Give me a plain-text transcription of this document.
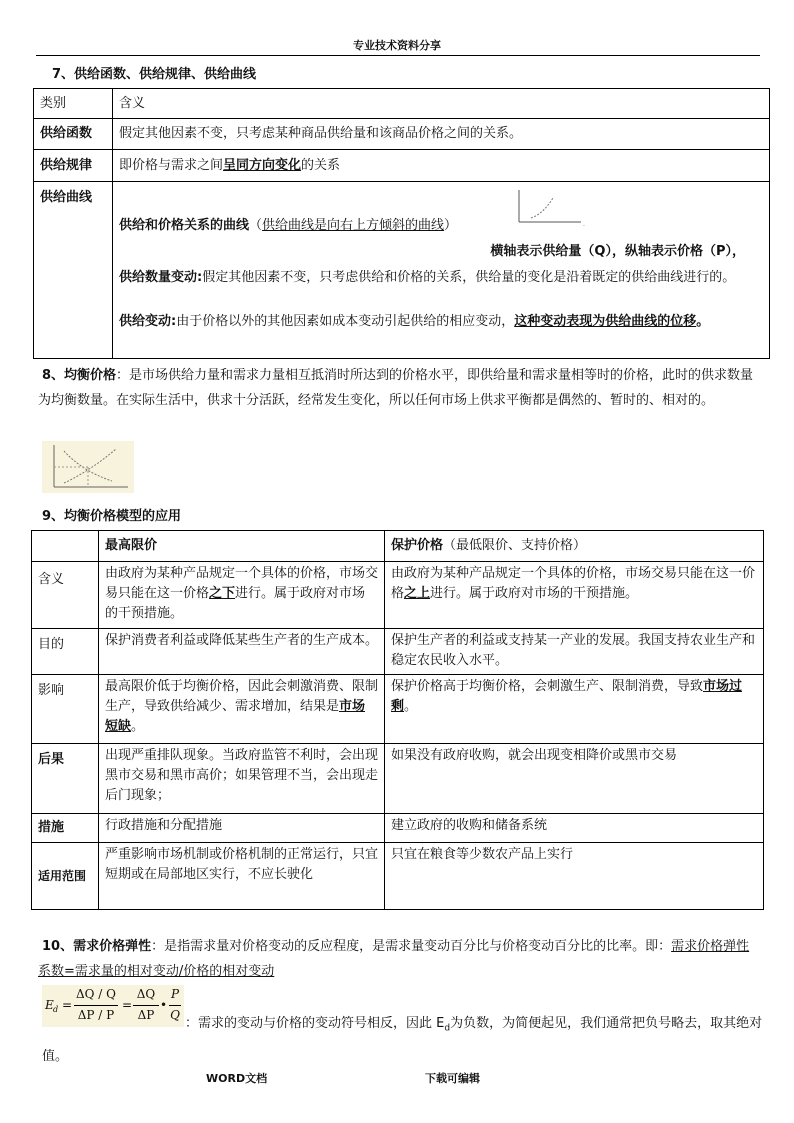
专业技术资料分享
7、供给函数、供给规律、供给曲线
类别	含义
供给函数	假定其他因素不变，只考虑某种商品供给量和该商品价格之间的关系。
供给规律	即价格与需求之间呈同方向变化的关系
供给曲线	.
供给和价格关系的曲线（供给曲线是向右上方倾斜的曲线）
横轴表示供给量（Q），纵轴表示价格（P），
供给数量变动:假定其他因素不变，只考虑供给和价格的关系，供给量的变化是沿着既定的供给曲线进行的。
供给变动:由于价格以外的其他因素如成本变动引起供给的相应变动，这种变动表现为供给曲线的位移。
8、均衡价格：是市场供给力量和需求力量相互抵消时所达到的价格水平，即供给量和需求量相等时的价格，此时的供求数量为均衡数量。在实际生活中，供求十分活跃，经常发生变化，所以任何市场上供求平衡都是偶然的、暂时的、相对的。
9、均衡价格模型的应用
	最高限价	保护价格（最低限价、支持价格）
含义	由政府为某种产品规定一个具体的价格，市场交易只能在这一价格之下进行。属于政府对市场的干预措施。	由政府为某种产品规定一个具体的价格，市场交易只能在这一价格之上进行。属于政府对市场的干预措施。
目的	保护消费者利益或降低某些生产者的生产成本。	保护生产者的利益或支持某一产业的发展。我国支持农业生产和稳定农民收入水平。
影响	最高限价低于均衡价格，因此会刺激消费、限制生产，导致供给减少、需求增加，结果是市场短缺。	保护价格高于均衡价格，会刺激生产、限制消费，导致市场过剩。
后果	出现严重排队现象。当政府监管不利时，会出现黑市交易和黑市高价；如果管理不当，会出现走后门现象；	如果没有政府收购，就会出现变相降价或黑市交易
措施	行政措施和分配措施	建立政府的收购和储备系统
适用范围	严重影响市场机制或价格机制的正常运行，只宜短期或在局部地区实行，不应长驶化	只宜在粮食等少数农产品上实行
10、需求价格弹性：是指需求量对价格变动的反应程度，是需求量变动百分比与价格变动百分比的比率。即：需求价格弹性系数=需求量的相对变动/价格的相对变动
E d =
ΔQ / Q
ΔP / P
=
ΔQ
ΔP
•
P
Q
：需求的变动与价格的变动符号相反，因此 $E_d$为负数，为简便起见，我们通常把负号略去，取其绝对值。
WORD文档	下载可编辑
